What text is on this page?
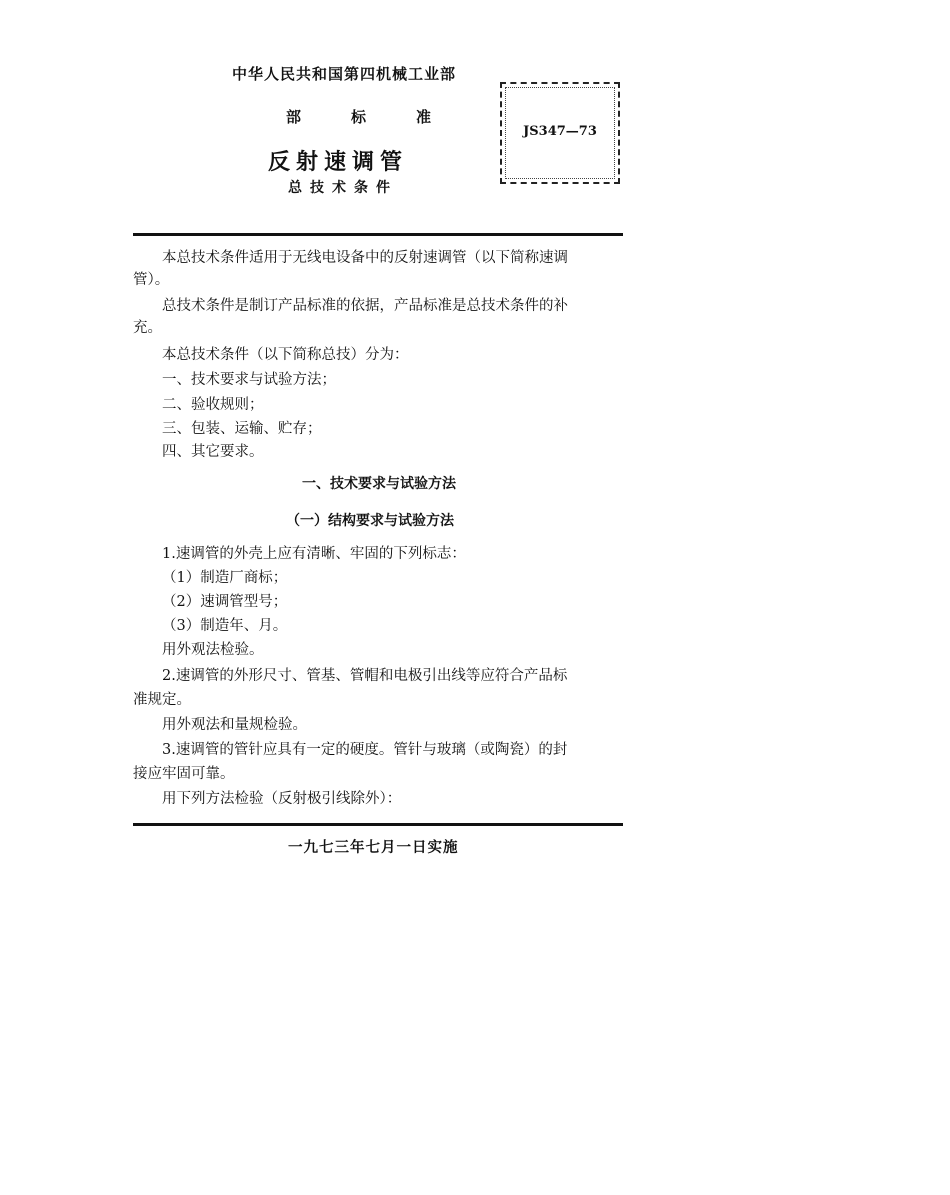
中华人民共和国第四机械工业部
部	标	准
反射速调管
总技术条件
JS347—73
本总技术条件适用于无线电设备中的反射速调管（以下简称速调
管）。
总技术条件是制订产品标准的依据，产品标准是总技术条件的补
充。
本总技术条件（以下简称总技）分为：
一、技术要求与试验方法；
二、验收规则；
三、包装、运输、贮存；
四、其它要求。
一、技术要求与试验方法
（一）结构要求与试验方法
1.速调管的外壳上应有清晰、牢固的下列标志：
（1）制造厂商标；
（2）速调管型号；
（3）制造年、月。
用外观法检验。
2.速调管的外形尺寸、管基、管帽和电极引出线等应符合产品标
准规定。
用外观法和量规检验。
3.速调管的管针应具有一定的硬度。管针与玻璃（或陶瓷）的封
接应牢固可靠。
用下列方法检验（反射极引线除外）：
一九七三年七月一日实施
